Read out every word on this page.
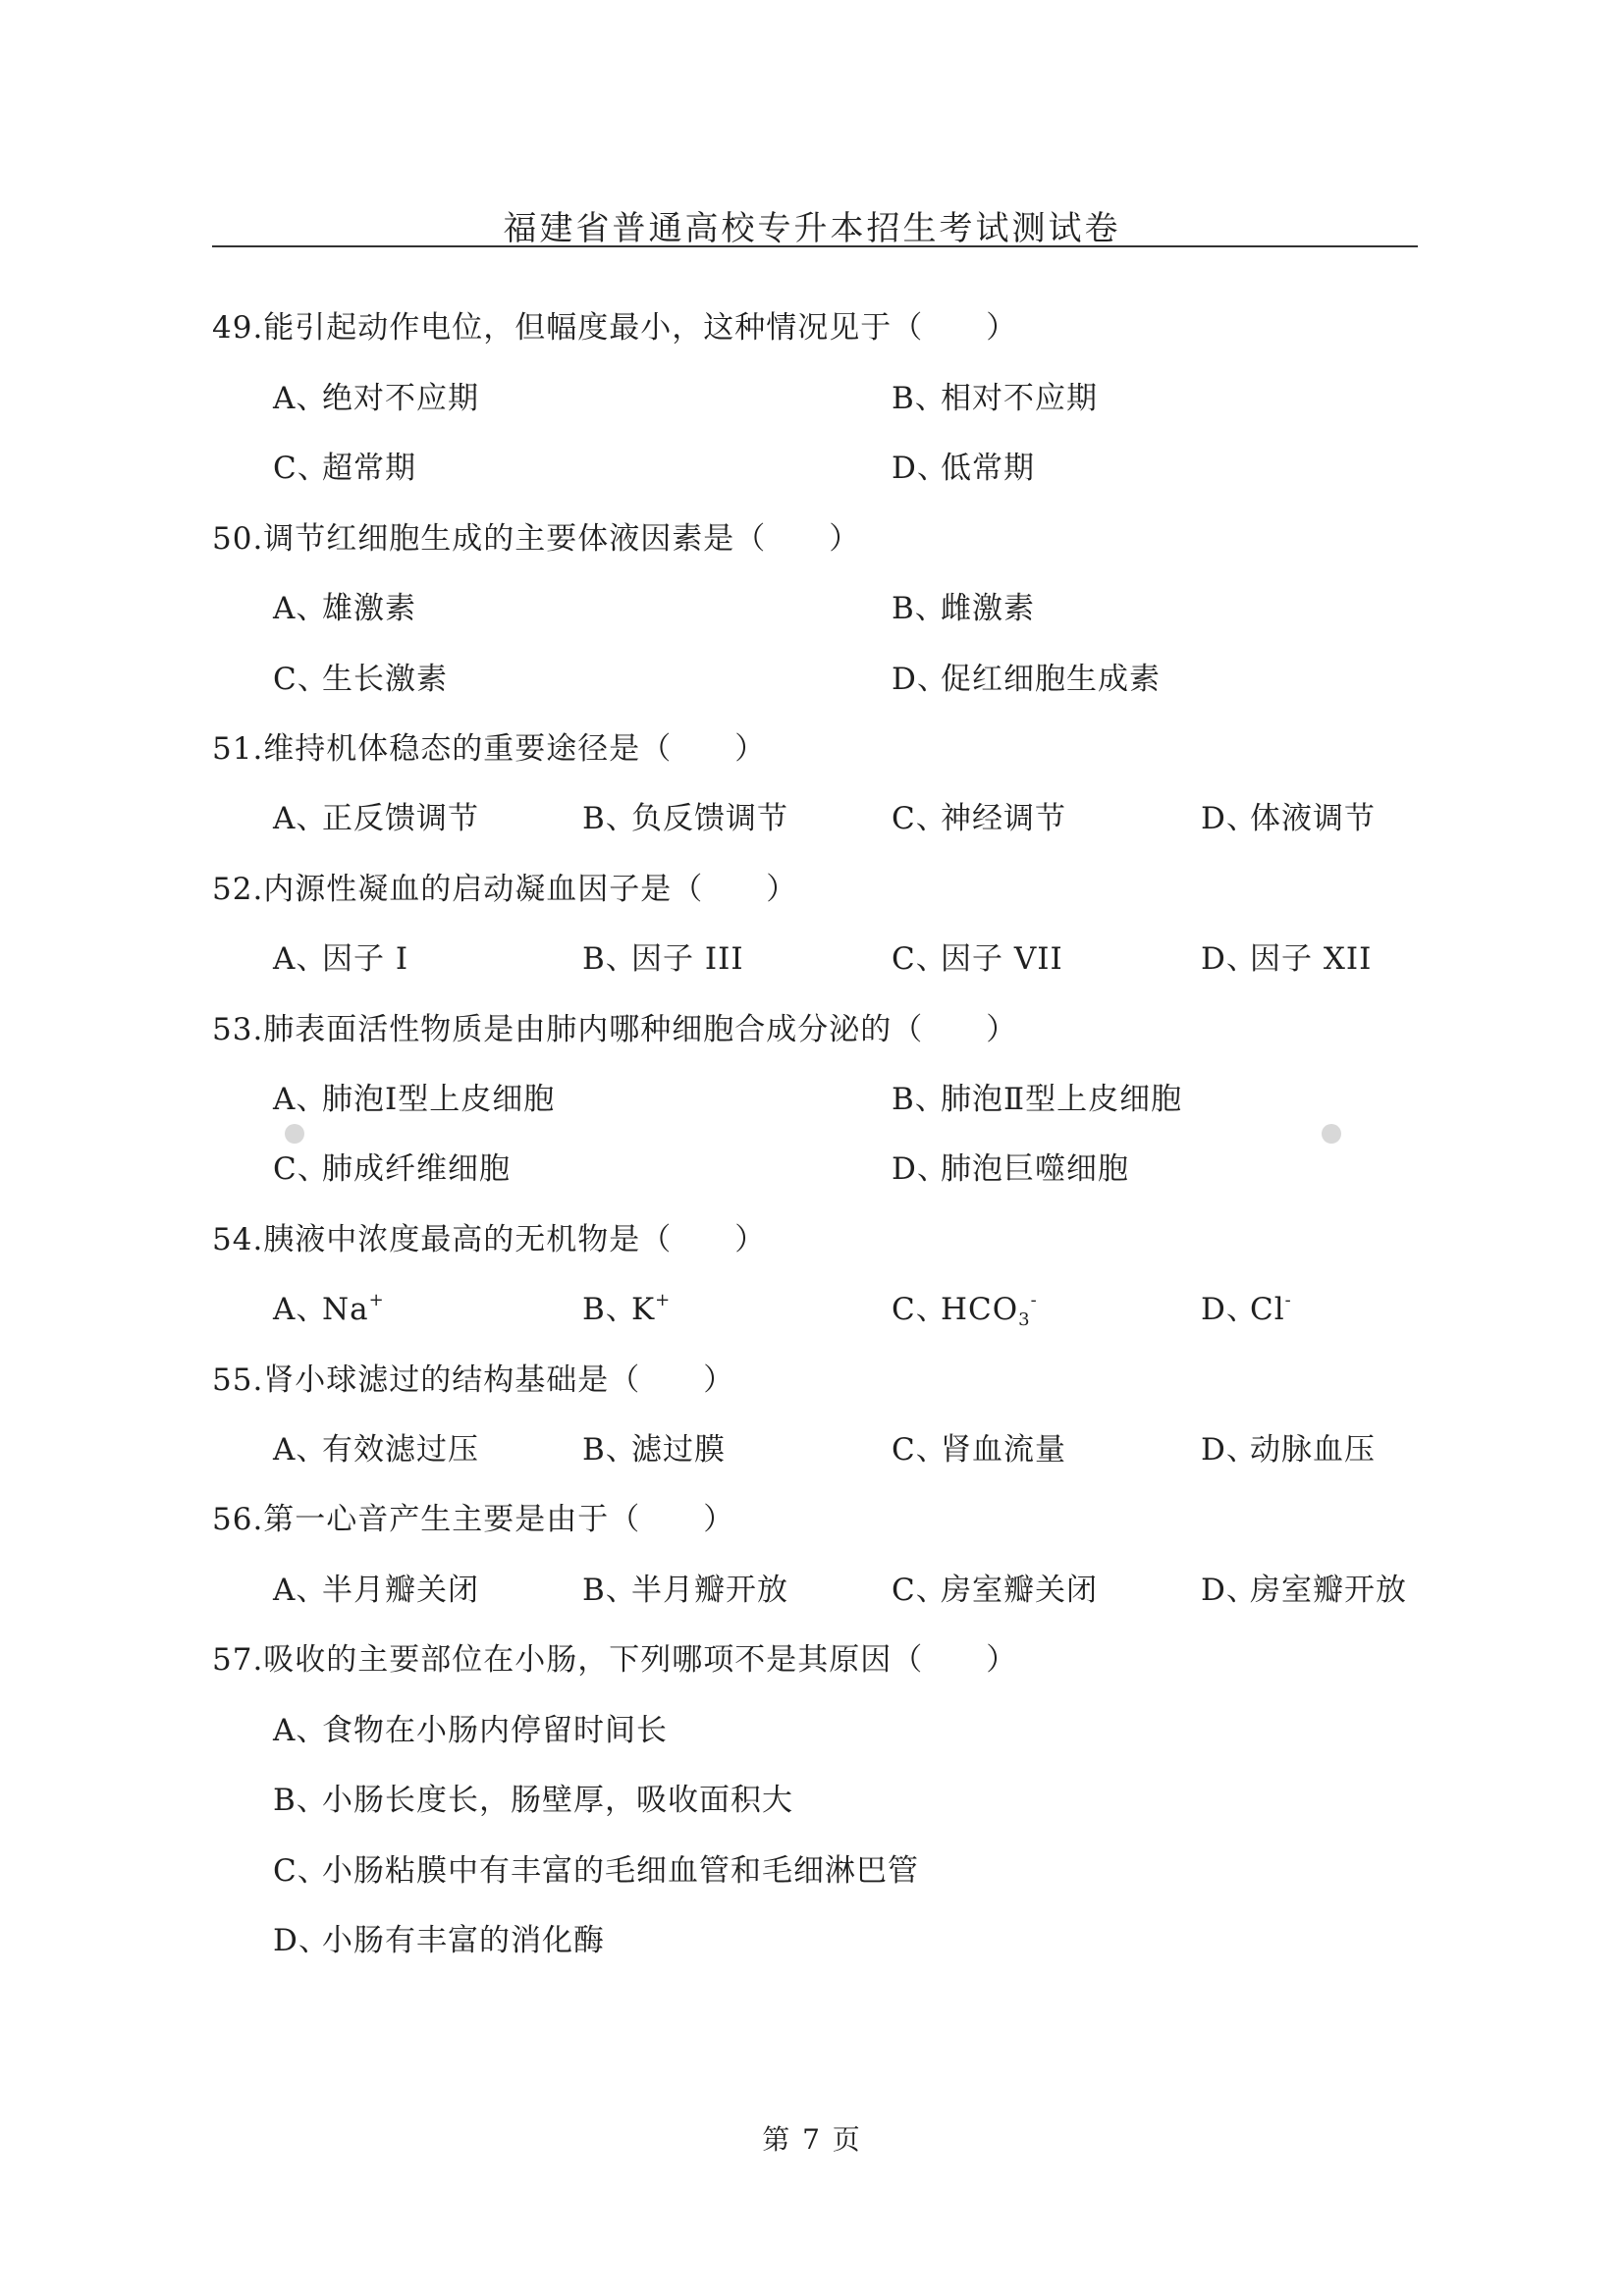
福建省普通高校专升本招生考试测试卷
49.能引起动作电位，但幅度最小，这种情况见于（　　）
A、绝对不应期	B、相对不应期
C、超常期	D、低常期
50.调节红细胞生成的主要体液因素是（　　）
A、雄激素	B、雌激素
C、生长激素	D、促红细胞生成素
51.维持机体稳态的重要途径是（　　）
A、正反馈调节	B、负反馈调节	C、神经调节	D、体液调节
52.内源性凝血的启动凝血因子是（　　）
A、因子 I	B、因子 III	C、因子 VII	D、因子 XII
53.肺表面活性物质是由肺内哪种细胞合成分泌的（　　）
A、肺泡Ⅰ型上皮细胞	B、肺泡Ⅱ型上皮细胞
C、肺成纤维细胞	D、肺泡巨噬细胞
54.胰液中浓度最高的无机物是（　　）
A、Na+	B、K+	C、$HCO_3^-$	D、Cl-
55.肾小球滤过的结构基础是（　　）
A、有效滤过压	B、滤过膜	C、肾血流量	D、动脉血压
56.第一心音产生主要是由于（　　）
A、半月瓣关闭	B、半月瓣开放	C、房室瓣关闭	D、房室瓣开放
57.吸收的主要部位在小肠，下列哪项不是其原因（　　）
A、食物在小肠内停留时间长
B、小肠长度长，肠壁厚，吸收面积大
C、小肠粘膜中有丰富的毛细血管和毛细淋巴管
D、小肠有丰富的消化酶
第 7 页
